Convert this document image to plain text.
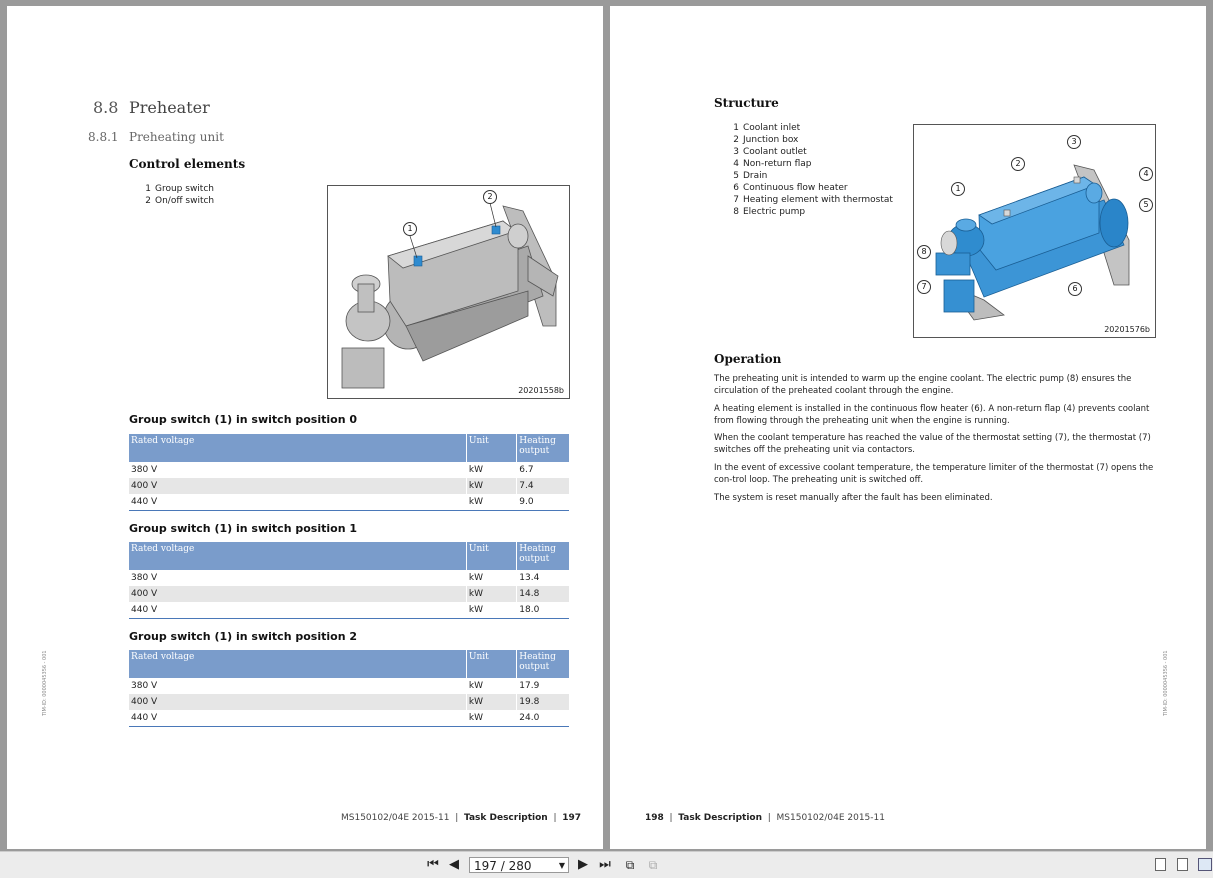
8.8 Preheater
8.8.1 Preheating unit
Control elements
1 Group switch
2 On/off switch
1
2
20201558b
Group switch (1) in switch position 0
Rated voltage	Unit	Heating output
380 V	kW	6.7
400 V	kW	7.4
440 V	kW	9.0
Group switch (1) in switch position 1
Rated voltage	Unit	Heating output
380 V	kW	13.4
400 V	kW	14.8
440 V	kW	18.0
Group switch (1) in switch position 2
Rated voltage	Unit	Heating output
380 V	kW	17.9
400 V	kW	19.8
440 V	kW	24.0
TIM-ID: 0000045356 - 001
MS150102/04E 2015-11  |  Task Description  |  197
Structure
1 Coolant inlet
2 Junction box
3 Coolant outlet
4 Non-return flap
5 Drain
6 Continuous flow heater
7 Heating element with thermostat
8 Electric pump
1
2
3
4
5
6
7
8
20201576b
Operation
The preheating unit is intended to warm up the engine coolant. The electric pump (8) ensures the circulation of the preheated coolant through the engine.
A heating element is installed in the continuous flow heater (6). A non-return flap (4) prevents coolant from flowing through the preheating unit when the engine is running.
When the coolant temperature has reached the value of the thermostat setting (7), the thermostat (7) switches off the preheating unit via contactors.
In the event of excessive coolant temperature, the temperature limiter of the thermostat (7) opens the con-trol loop. The preheating unit is switched off.
The system is reset manually after the fault has been eliminated.
TIM-ID: 0000045356 - 001
198  |  Task Description  |  MS150102/04E 2015-11
⏮ ◀	197 / 280	▼ ▶ ⏭	⧉	⧉
